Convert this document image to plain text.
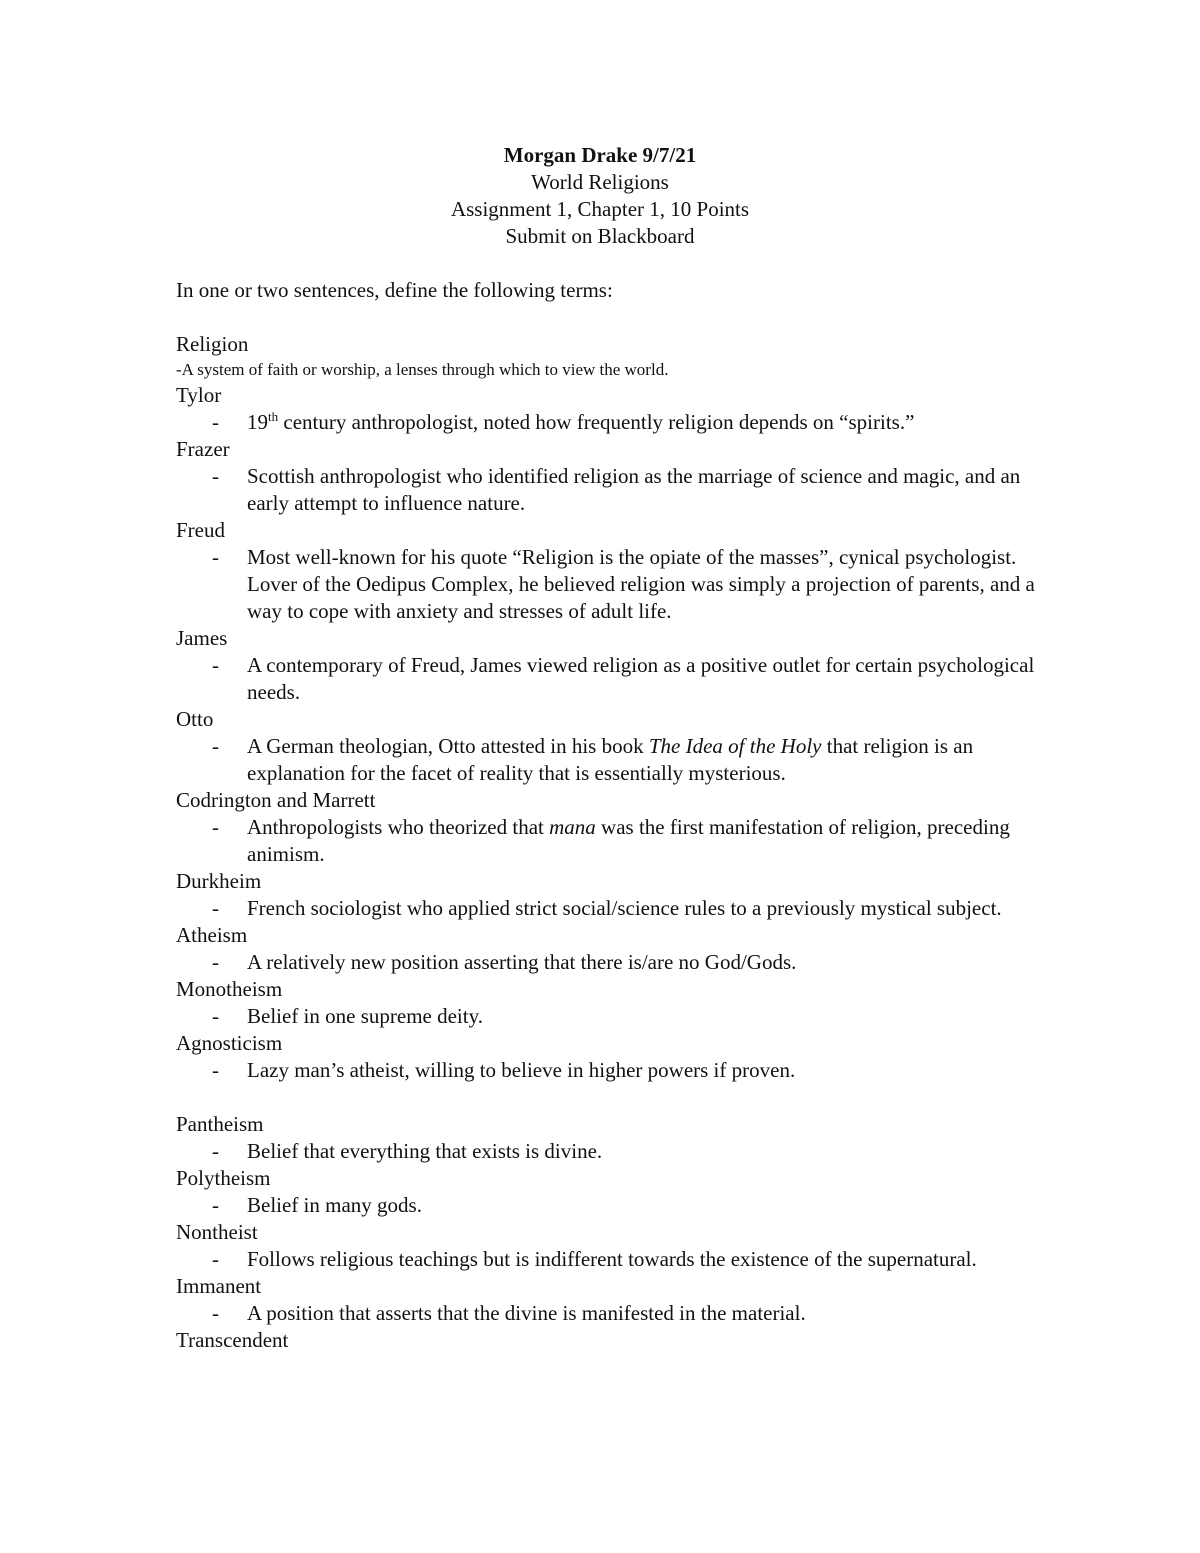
Morgan Drake 9/7/21
World Religions
Assignment 1, Chapter 1, 10 Points
Submit on Blackboard

In one or two sentences, define the following terms:

Religion

-A system of faith or worship, a lenses through which to view the world.

Tylor

- 19th century anthropologist, noted how frequently religion depends on “spirits.”

Frazer

- Scottish anthropologist who identified religion as the marriage of science and magic, and an early attempt to influence nature.

Freud

- Most well-known for his quote “Religion is the opiate of the masses”, cynical psychologist. Lover of the Oedipus Complex, he believed religion was simply a projection of parents, and a way to cope with anxiety and stresses of adult life.

James

- A contemporary of Freud, James viewed religion as a positive outlet for certain psychological needs.

Otto

- A German theologian, Otto attested in his book The Idea of the Holy that religion is an explanation for the facet of reality that is essentially mysterious.

Codrington and Marrett

- Anthropologists who theorized that mana was the first manifestation of religion, preceding animism.

Durkheim

- French sociologist who applied strict social/science rules to a previously mystical subject.

Atheism

- A relatively new position asserting that there is/are no God/Gods.

Monotheism

- Belief in one supreme deity.

Agnosticism

- Lazy man’s atheist, willing to believe in higher powers if proven.

Pantheism

- Belief that everything that exists is divine.

Polytheism

- Belief in many gods.

Nontheist

- Follows religious teachings but is indifferent towards the existence of the supernatural.

Immanent

- A position that asserts that the divine is manifested in the material.

Transcendent
